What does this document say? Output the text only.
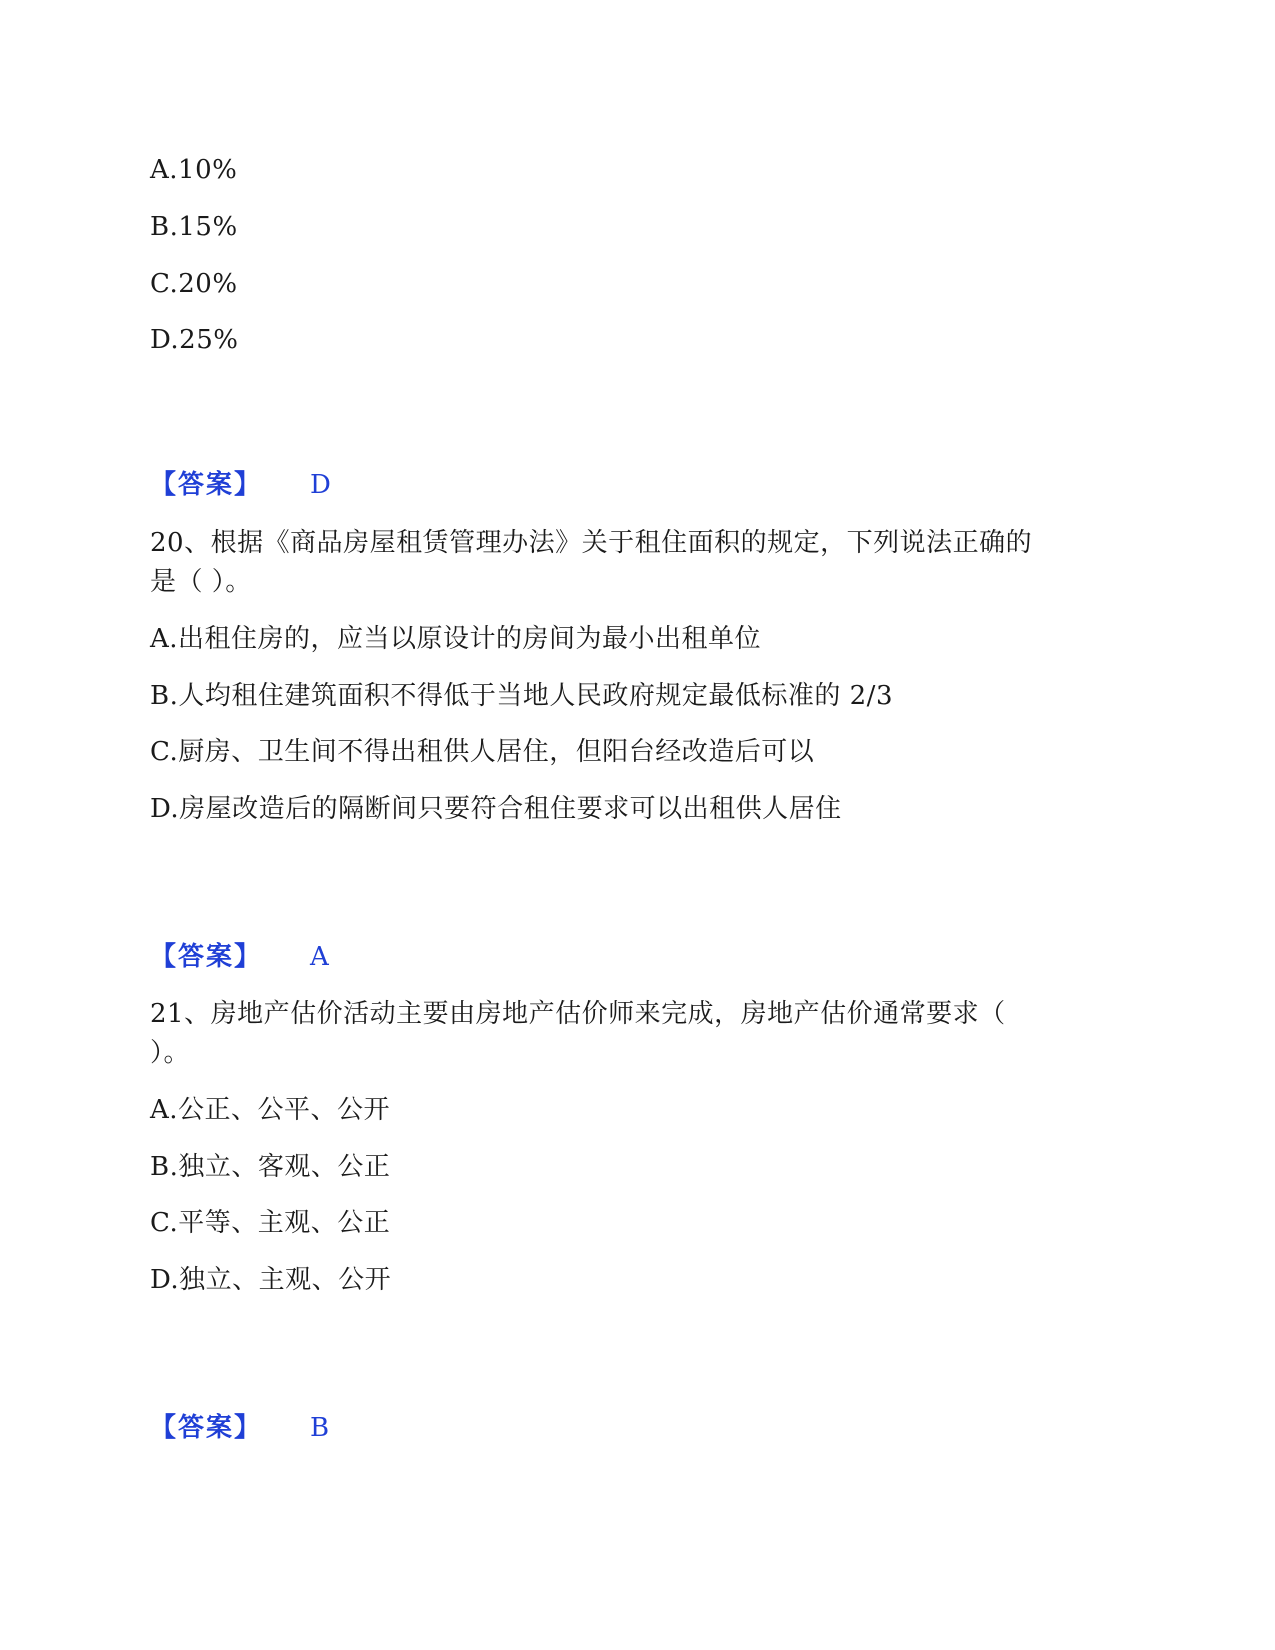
A.10%
B.15%
C.20%
D.25%
【答案】 D
20、根据《商品房屋租赁管理办法》关于租住面积的规定，下列说法正确的
是（ ）。
A.出租住房的，应当以原设计的房间为最小出租单位
B.人均租住建筑面积不得低于当地人民政府规定最低标准的 2/3
C.厨房、卫生间不得出租供人居住，但阳台经改造后可以
D.房屋改造后的隔断间只要符合租住要求可以出租供人居住
【答案】 A
21、房地产估价活动主要由房地产估价师来完成，房地产估价通常要求（
）。
A.公正、公平、公开
B.独立、客观、公正
C.平等、主观、公正
D.独立、主观、公开
【答案】 B
